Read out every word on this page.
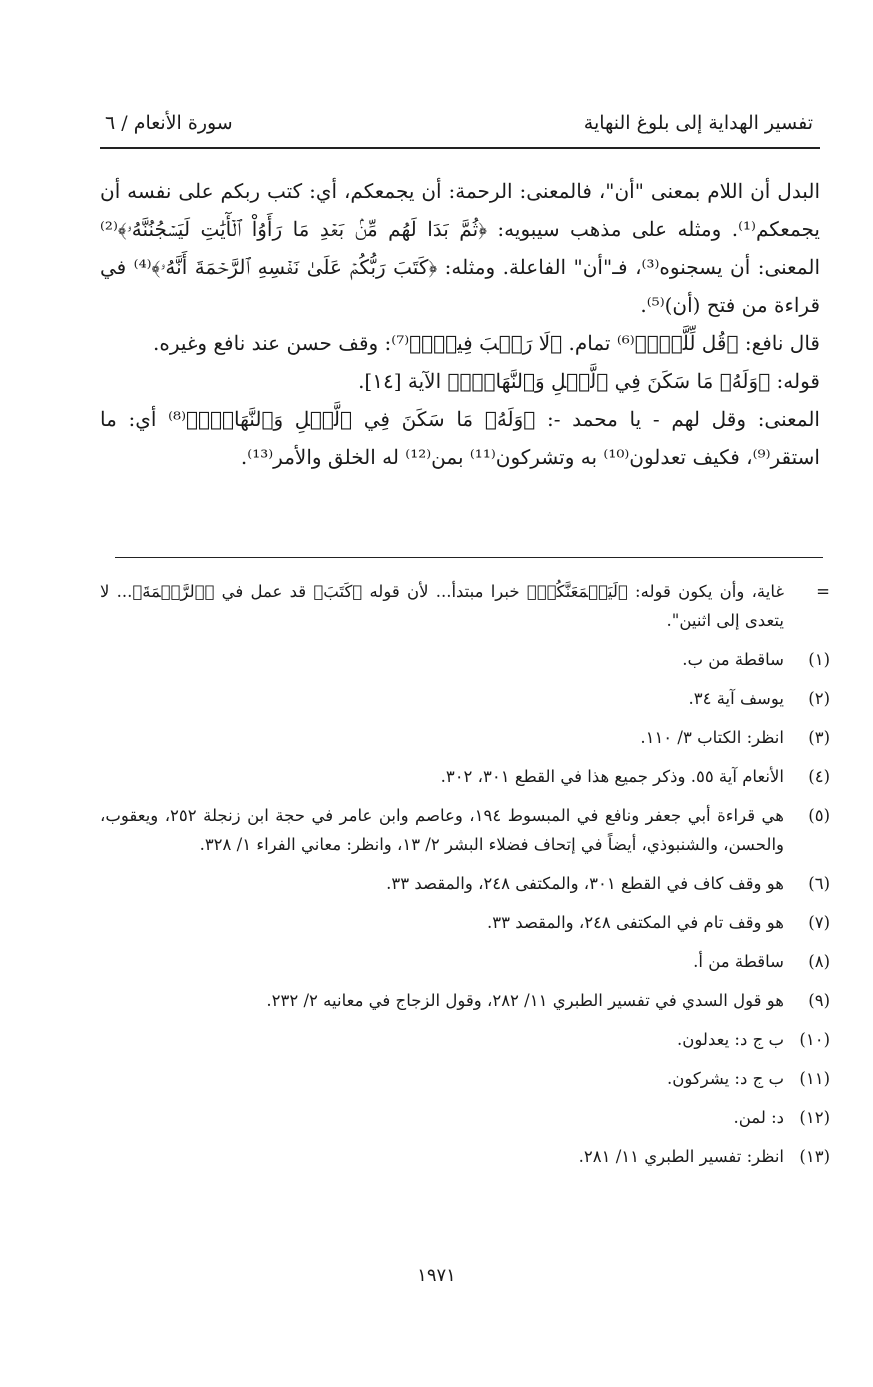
تفسير الهداية إلى بلوغ النهاية
سورة الأنعام / ٦

البدل أن اللام بمعنى "أن"، فالمعنى: الرحمة: أن يجمعكم، أي: كتب ربكم على نفسه أن يجمعكم⁽¹⁾. ومثله على مذهب سيبويه: ﴿ثُمَّ بَدَا لَهُم مِّنۢ بَعۡدِ مَا رَأَوُاْ ٱلۡأٓيَٰتِ لَيَسۡجُنُنَّهُۥ﴾⁽²⁾ المعنى: أن يسجنوه⁽³⁾، فـ"أن" الفاعلة. ومثله: ﴿كَتَبَ رَبُّكُمۡ عَلَىٰ نَفۡسِهِ ٱلرَّحۡمَةَ أَنَّهُۥ﴾⁽⁴⁾ في قراءة من فتح (أن)⁽⁵⁾.

قال نافع: ﴿قُل لِّلَّهِۚ﴾⁽⁶⁾ تمام. ﴿لَا رَيۡبَ فِيهِۚ﴾⁽⁷⁾: وقف حسن عند نافع وغيره.

قوله: ﴿وَلَهُۥ مَا سَكَنَ فِي ٱلَّيۡلِ وَٱلنَّهَارِۚ﴾ الآية [١٤].

المعنى: وقل لهم - يا محمد -: ﴿وَلَهُۥ مَا سَكَنَ فِي ٱلَّيۡلِ وَٱلنَّهَارِۚ﴾⁽⁸⁾ أي: ما استقر⁽⁹⁾، فكيف تعدلون⁽¹⁰⁾ به وتشركون⁽¹¹⁾ بمن⁽¹²⁾ له الخلق والأمر⁽¹³⁾.

=
غاية، وأن يكون قوله: ﴿لَيَجۡمَعَنَّكُمۡ﴾ خبرا مبتدأ... لأن قوله ﴿كَتَبَ﴾ قد عمل في ﴿ٱلرَّحۡمَةَ﴾... لا يتعدى إلى اثنين".
(١)
ساقطة من ب.
(٢)
يوسف آية ٣٤.
(٣)
انظر: الكتاب ٣/ ١١٠.
(٤)
الأنعام آية ٥٥. وذكر جميع هذا في القطع ٣٠١، ٣٠٢.
(٥)
هي قراءة أبي جعفر ونافع في المبسوط ١٩٤، وعاصم وابن عامر في حجة ابن زنجلة ٢٥٢، ويعقوب، والحسن، والشنبوذي، أيضاً في إتحاف فضلاء البشر ٢/ ١٣، وانظر: معاني الفراء ١/ ٣٢٨.
(٦)
هو وقف كاف في القطع ٣٠١، والمكتفى ٢٤٨، والمقصد ٣٣.
(٧)
هو وقف تام في المكتفى ٢٤٨، والمقصد ٣٣.
(٨)
ساقطة من أ.
(٩)
هو قول السدي في تفسير الطبري ١١/ ٢٨٢، وقول الزجاج في معانيه ٢/ ٢٣٢.
(١٠)
ب ج د: يعدلون.
(١١)
ب ج د: يشركون.
(١٢)
د: لمن.
(١٣)
انظر: تفسير الطبري ١١/ ٢٨١.
١٩٧١
